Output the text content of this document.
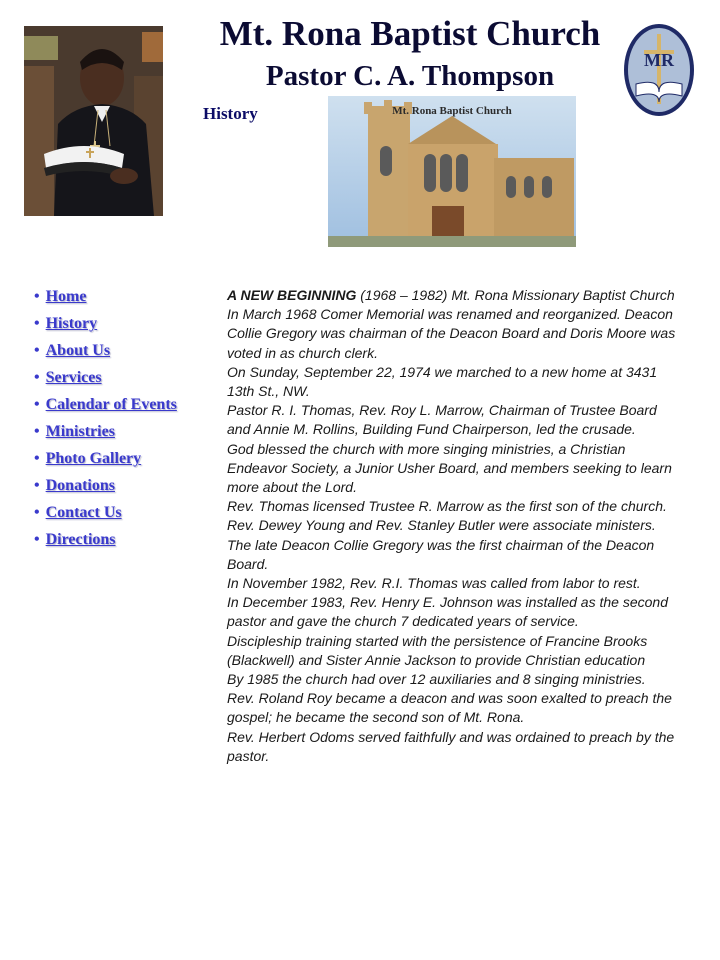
Mt. Rona Baptist Church
Pastor C. A. Thompson	MR
History	Mt. Rona Baptist Church
• Home
• History
• About Us
• Services
• Calendar of Events
• Ministries
• Photo Gallery
• Donations
• Contact Us
• Directions

A NEW BEGINNING (1968 – 1982) Mt. Rona Missionary Baptist Church

In March 1968 Comer Memorial was renamed and reorganized. Deacon Collie Gregory was chairman of the Deacon Board and Doris Moore was voted in as church clerk.

On Sunday, September 22, 1974 we marched to a new home at 3431 13th St., NW.

Pastor R. I. Thomas, Rev. Roy L. Marrow, Chairman of Trustee Board and Annie M. Rollins, Building Fund Chairperson, led the crusade.

God blessed the church with more singing ministries, a Christian Endeavor Society, a Junior Usher Board, and members seeking to learn more about the Lord.

Rev. Thomas licensed Trustee R. Marrow as the first son of the church.

Rev. Dewey Young and Rev. Stanley Butler were associate ministers.

The late Deacon Collie Gregory was the first chairman of the Deacon Board.

In November 1982, Rev. R.I. Thomas was called from labor to rest.

In December 1983, Rev. Henry E. Johnson was installed as the second pastor and gave the church 7 dedicated years of service.

Discipleship training started with the persistence of Francine Brooks (Blackwell) and Sister Annie Jackson to provide Christian education

By 1985 the church had over 12 auxiliaries and 8 singing ministries.

Rev. Roland Roy became a deacon and was soon exalted to preach the gospel; he became the second son of Mt. Rona.

Rev. Herbert Odoms served faithfully and was ordained to preach by the pastor.
